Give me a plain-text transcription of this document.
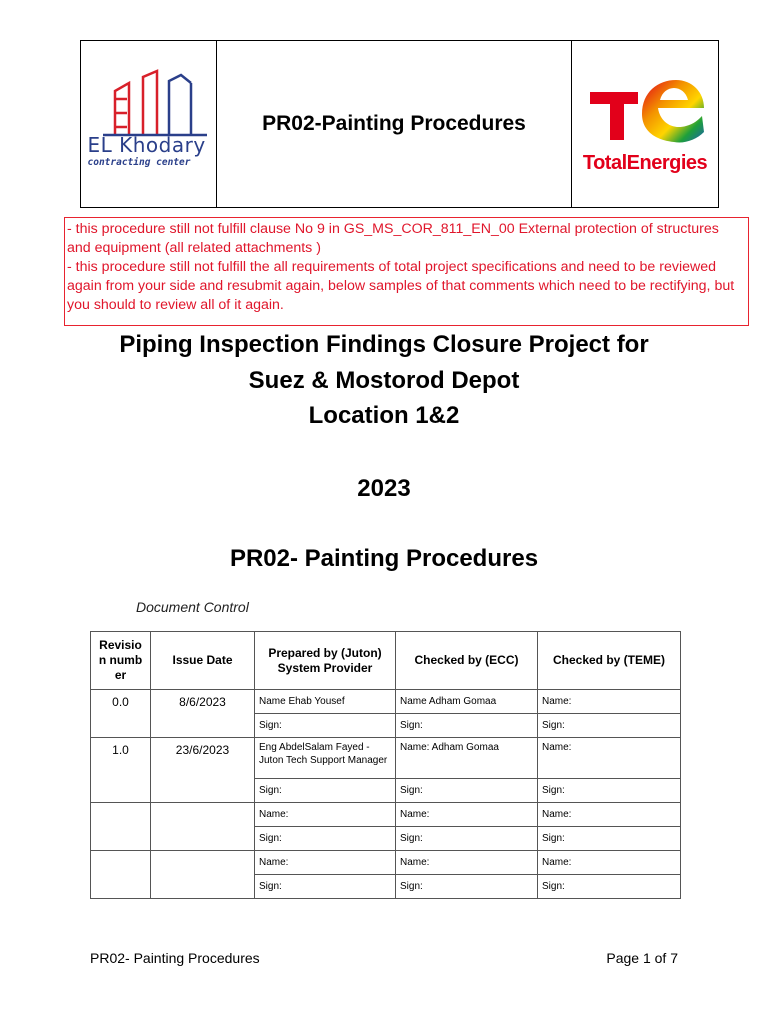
EL Khodary
contracting center
PR02-Painting Procedures
TotalEnergies

- this procedure still not fulfill clause No 9 in GS_MS_COR_811_EN_00 External protection of structures and equipment (all related attachments )

- this procedure still not fulfill the all requirements of total project specifications and need to be reviewed again from your side and resubmit again, below samples of that comments which need to be rectifying, but you should to review all of it again.

Piping Inspection Findings Closure Project for
Suez & Mostorod Depot
Location 1&2
2023
PR02- Painting Procedures
Document Control
Revision number	Issue Date	Prepared by (Juton) System Provider	Checked by (ECC)	Checked by (TEME)
0.0	8/6/2023	Name Ehab Yousef	Name Adham Gomaa	Name:
		Sign:	Sign:	Sign:
1.0	23/6/2023	Eng AbdelSalam Fayed - Juton Tech Support Manager	Name: Adham Gomaa	Name:
		Sign:	Sign:	Sign:
		Name:	Name:	Name:
		Sign:	Sign:	Sign:
		Name:	Name:	Name:
		Sign:	Sign:	Sign:
PR02- Painting Procedures	Page 1 of 7
